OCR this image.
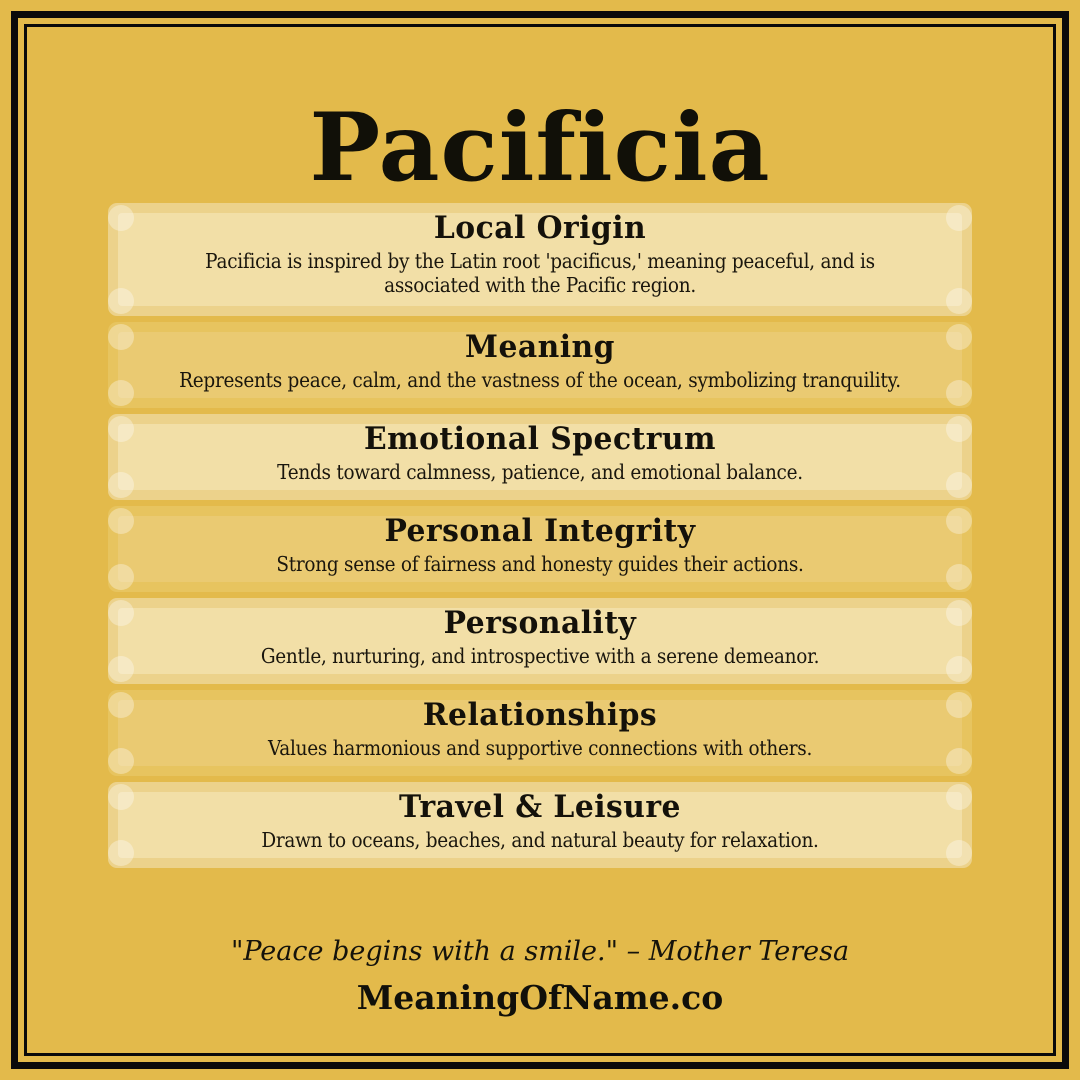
Pacificia
Local Origin

Pacificia is inspired by the Latin root 'pacificus,' meaning peaceful, and is associated with the Pacific region.

Meaning

Represents peace, calm, and the vastness of the ocean, symbolizing tranquility.

Emotional Spectrum

Tends toward calmness, patience, and emotional balance.

Personal Integrity

Strong sense of fairness and honesty guides their actions.

Personality

Gentle, nurturing, and introspective with a serene demeanor.

Relationships

Values harmonious and supportive connections with others.

Travel & Leisure

Drawn to oceans, beaches, and natural beauty for relaxation.

"Peace begins with a smile." – Mother Teresa
MeaningOfName.co
